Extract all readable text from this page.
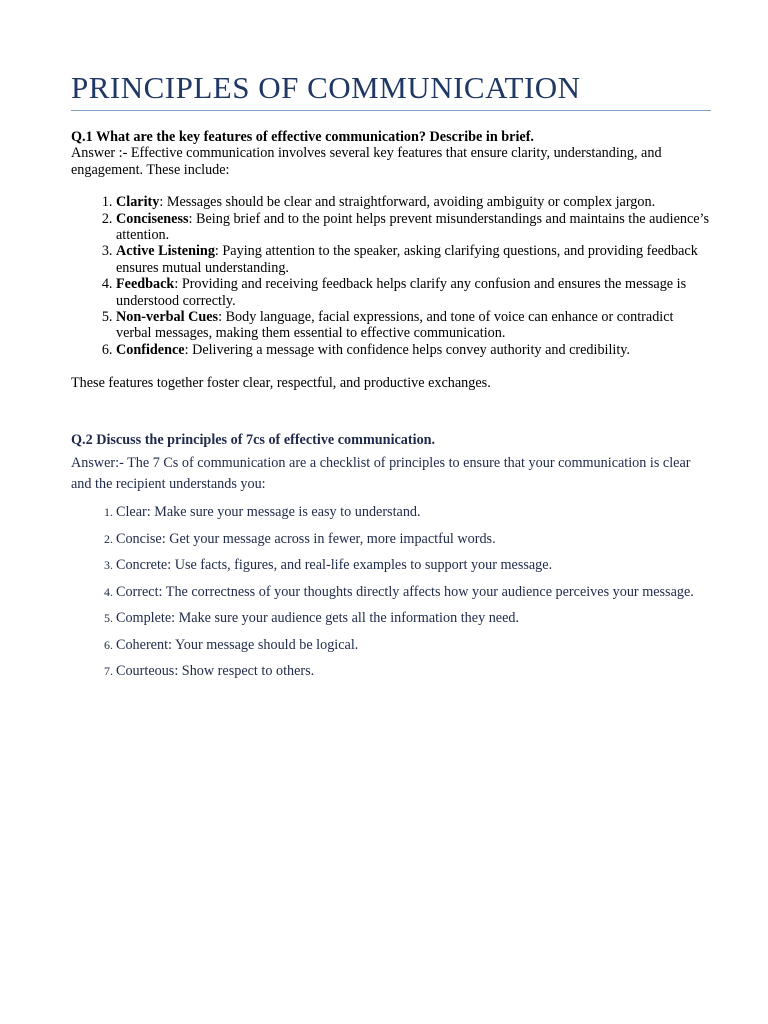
PRINCIPLES OF COMMUNICATION
Q.1 What are the key features of effective communication? Describe in brief.

Answer :- Effective communication involves several key features that ensure clarity, understanding, and engagement. These include:

1. Clarity: Messages should be clear and straightforward, avoiding ambiguity or complex jargon.
2. Conciseness: Being brief and to the point helps prevent misunderstandings and maintains the audience’s attention.
3. Active Listening: Paying attention to the speaker, asking clarifying questions, and providing feedback ensures mutual understanding.
4. Feedback: Providing and receiving feedback helps clarify any confusion and ensures the message is understood correctly.
5. Non-verbal Cues: Body language, facial expressions, and tone of voice can enhance or contradict verbal messages, making them essential to effective communication.
6. Confidence: Delivering a message with confidence helps convey authority and credibility.
These features together foster clear, respectful, and productive exchanges.
Q.2 Discuss the principles of 7cs of effective communication.

Answer:- The 7 Cs of communication are a checklist of principles to ensure that your communication is clear and the recipient understands you:

1. Clear: Make sure your message is easy to understand.
2. Concise: Get your message across in fewer, more impactful words.
3. Concrete: Use facts, figures, and real-life examples to support your message.
4. Correct: The correctness of your thoughts directly affects how your audience perceives your message.
5. Complete: Make sure your audience gets all the information they need.
6. Coherent: Your message should be logical.
7. Courteous: Show respect to others.
